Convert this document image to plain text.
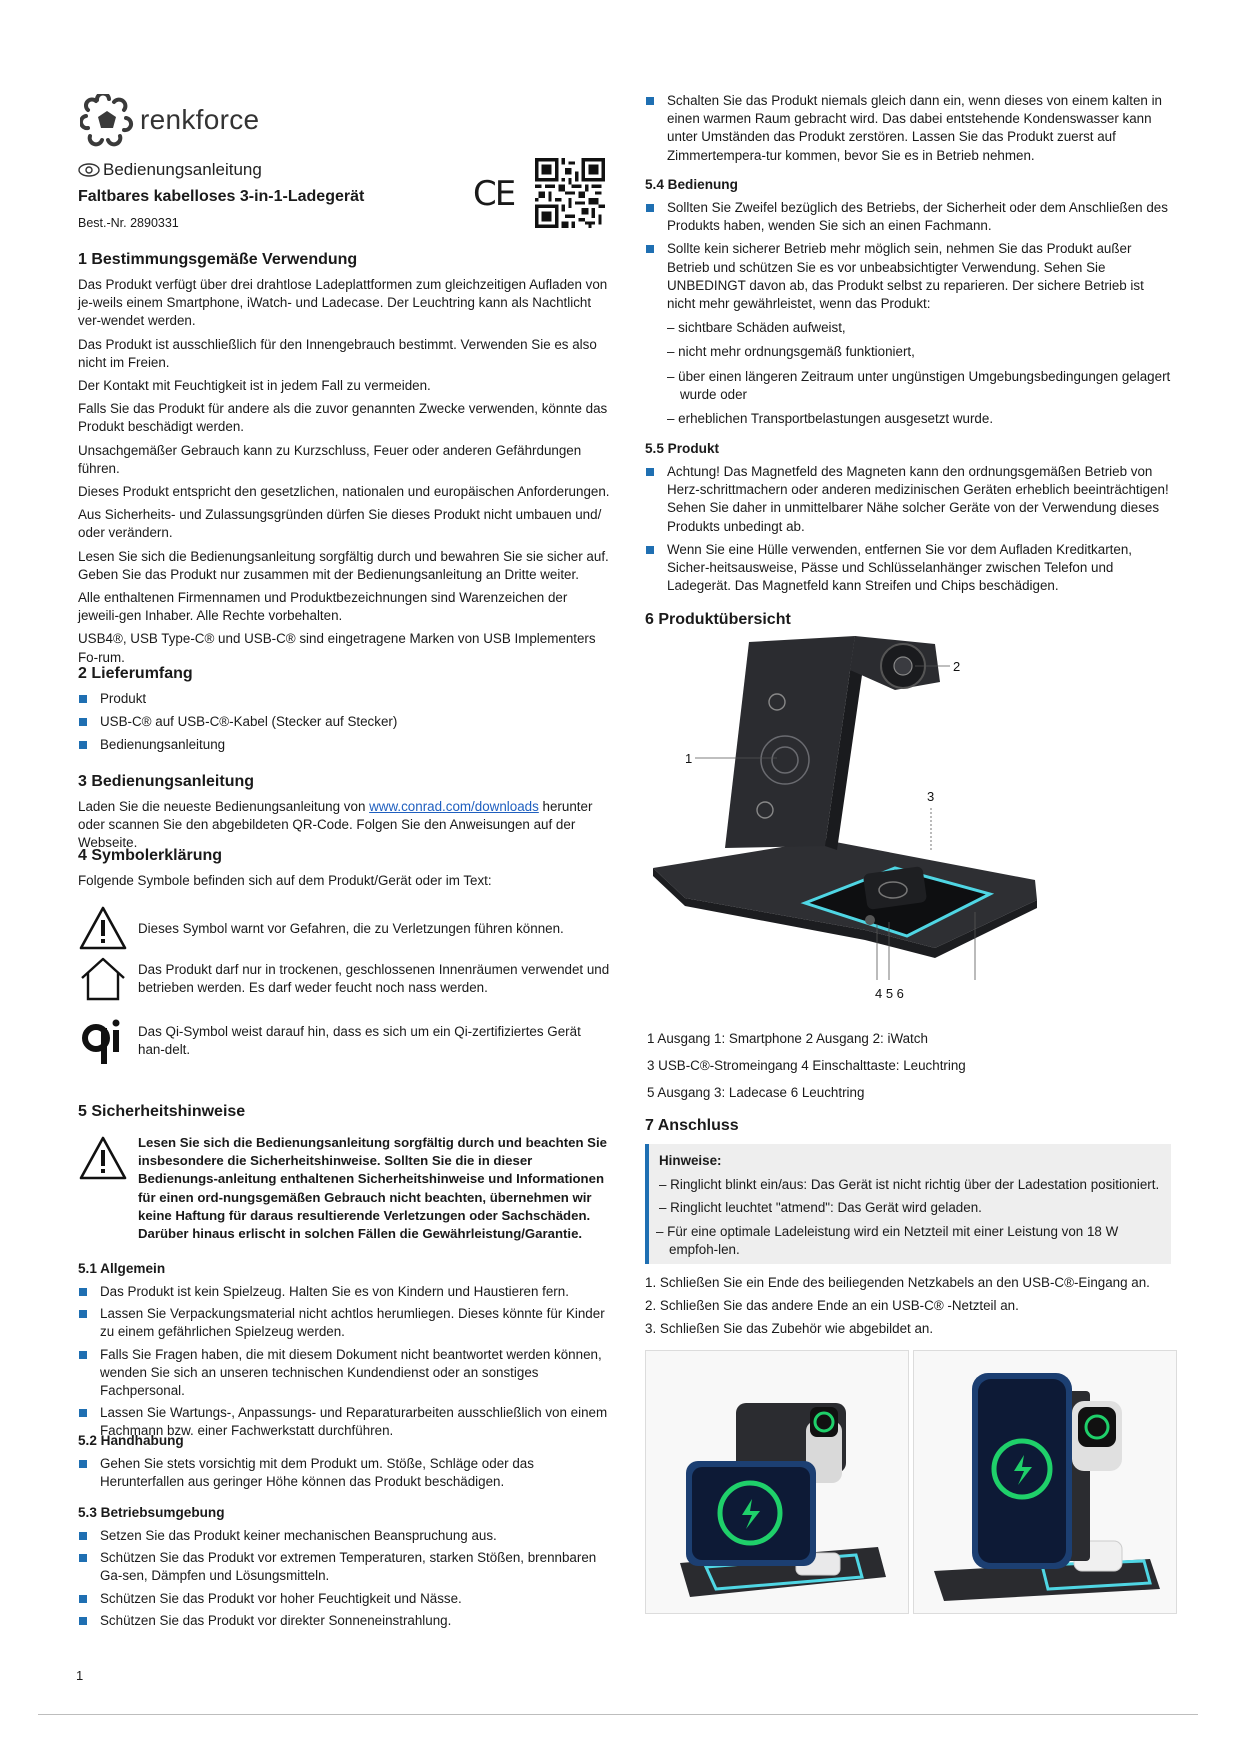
renkforce
Bedienungsanleitung
Faltbares kabelloses 3-in-1-Ladegerät
Best.-Nr. 2890331
CE
1 Bestimmungsgemäße Verwendung

Das Produkt verfügt über drei drahtlose Ladeplattformen zum gleichzeitigen Aufladen von je-weils einem Smartphone, iWatch- und Ladecase. Der Leuchtring kann als Nachtlicht ver-wendet werden.

Das Produkt ist ausschließlich für den Innengebrauch bestimmt. Verwenden Sie es also nicht im Freien.

Der Kontakt mit Feuchtigkeit ist in jedem Fall zu vermeiden.

Falls Sie das Produkt für andere als die zuvor genannten Zwecke verwenden, könnte das Produkt beschädigt werden.

Unsachgemäßer Gebrauch kann zu Kurzschluss, Feuer oder anderen Gefährdungen führen.

Dieses Produkt entspricht den gesetzlichen, nationalen und europäischen Anforderungen.

Aus Sicherheits- und Zulassungsgründen dürfen Sie dieses Produkt nicht umbauen und/ oder verändern.

Lesen Sie sich die Bedienungsanleitung sorgfältig durch und bewahren Sie sie sicher auf. Geben Sie das Produkt nur zusammen mit der Bedienungsanleitung an Dritte weiter.

Alle enthaltenen Firmennamen und Produktbezeichnungen sind Warenzeichen der jeweili-gen Inhaber. Alle Rechte vorbehalten.

USB4®, USB Type-C® und USB-C® sind eingetragene Marken von USB Implementers Fo-rum.

2 Lieferumfang
Produkt
USB-C® auf USB-C®-Kabel (Stecker auf Stecker)
Bedienungsanleitung
3 Bedienungsanleitung

Laden Sie die neueste Bedienungsanleitung von www.conrad.com/downloads herunter oder scannen Sie den abgebildeten QR-Code. Folgen Sie den Anweisungen auf der Webseite.

4 Symbolerklärung

Folgende Symbole befinden sich auf dem Produkt/Gerät oder im Text:

Dieses Symbol warnt vor Gefahren, die zu Verletzungen führen können.

Das Produkt darf nur in trockenen, geschlossenen Innenräumen verwendet und betrieben werden. Es darf weder feucht noch nass werden.

Das Qi-Symbol weist darauf hin, dass es sich um ein Qi-zertifiziertes Gerät han-delt.

5 Sicherheitshinweise

Lesen Sie sich die Bedienungsanleitung sorgfältig durch und beachten Sie insbesondere die Sicherheitshinweise. Sollten Sie die in dieser Bedienungs-anleitung enthaltenen Sicherheitshinweise und Informationen für einen ord-nungsgemäßen Gebrauch nicht beachten, übernehmen wir keine Haftung für daraus resultierende Verletzungen oder Sachschäden. Darüber hinaus erlischt in solchen Fällen die Gewährleistung/Garantie.

5.1 Allgemein
Das Produkt ist kein Spielzeug. Halten Sie es von Kindern und Haustieren fern.
Lassen Sie Verpackungsmaterial nicht achtlos herumliegen. Dieses könnte für Kinder zu einem gefährlichen Spielzeug werden.
Falls Sie Fragen haben, die mit diesem Dokument nicht beantwortet werden können, wenden Sie sich an unseren technischen Kundendienst oder an sonstiges Fachpersonal.
Lassen Sie Wartungs-, Anpassungs- und Reparaturarbeiten ausschließlich von einem Fachmann bzw. einer Fachwerkstatt durchführen.
5.2 Handhabung
Gehen Sie stets vorsichtig mit dem Produkt um. Stöße, Schläge oder das Herunterfallen aus geringer Höhe können das Produkt beschädigen.
5.3 Betriebsumgebung
Setzen Sie das Produkt keiner mechanischen Beanspruchung aus.
Schützen Sie das Produkt vor extremen Temperaturen, starken Stößen, brennbaren Ga-sen, Dämpfen und Lösungsmitteln.
Schützen Sie das Produkt vor hoher Feuchtigkeit und Nässe.
Schützen Sie das Produkt vor direkter Sonneneinstrahlung.
1
Schalten Sie das Produkt niemals gleich dann ein, wenn dieses von einem kalten in einen warmen Raum gebracht wird. Das dabei entstehende Kondenswasser kann unter Umständen das Produkt zerstören. Lassen Sie das Produkt zuerst auf Zimmertempera-tur kommen, bevor Sie es in Betrieb nehmen.
5.4 Bedienung
Sollten Sie Zweifel bezüglich des Betriebs, der Sicherheit oder dem Anschließen des Produkts haben, wenden Sie sich an einen Fachmann.
Sollte kein sicherer Betrieb mehr möglich sein, nehmen Sie das Produkt außer Betrieb und schützen Sie es vor unbeabsichtigter Verwendung. Sehen Sie UNBEDINGT davon ab, das Produkt selbst zu reparieren. Der sichere Betrieb ist nicht mehr gewährleistet, wenn das Produkt:

– sichtbare Schäden aufweist,

– nicht mehr ordnungsgemäß funktioniert,

– über einen längeren Zeitraum unter ungünstigen Umgebungsbedingungen gelagert wurde oder

– erheblichen Transportbelastungen ausgesetzt wurde.

5.5 Produkt
Achtung! Das Magnetfeld des Magneten kann den ordnungsgemäßen Betrieb von Herz-schrittmachern oder anderen medizinischen Geräten erheblich beeinträchtigen! Sehen Sie daher in unmittelbarer Nähe solcher Geräte von der Verwendung dieses Produkts unbedingt ab.
Wenn Sie eine Hülle verwenden, entfernen Sie vor dem Aufladen Kreditkarten, Sicher-heitsausweise, Pässe und Schlüsselanhänger zwischen Telefon und Ladegerät. Das Magnetfeld kann Streifen und Chips beschädigen.
6 Produktübersicht
1
2
3
4 5 6

1 Ausgang 1: Smartphone 2 Ausgang 2: iWatch

3 USB-C®-Stromeingang 4 Einschalttaste: Leuchtring

5 Ausgang 3: Ladecase 6 Leuchtring

7 Anschluss

Hinweise:

– Ringlicht blinkt ein/aus: Das Gerät ist nicht richtig über der Ladestation positioniert.

– Ringlicht leuchtet "atmend": Das Gerät wird geladen.

– Für eine optimale Ladeleistung wird ein Netzteil mit einer Leistung von 18 W empfoh-len.

1. Schließen Sie ein Ende des beiliegenden Netzkabels an den USB-C®-Eingang an.

2. Schließen Sie das andere Ende an ein USB-C® -Netzteil an.

3. Schließen Sie das Zubehör wie abgebildet an.
